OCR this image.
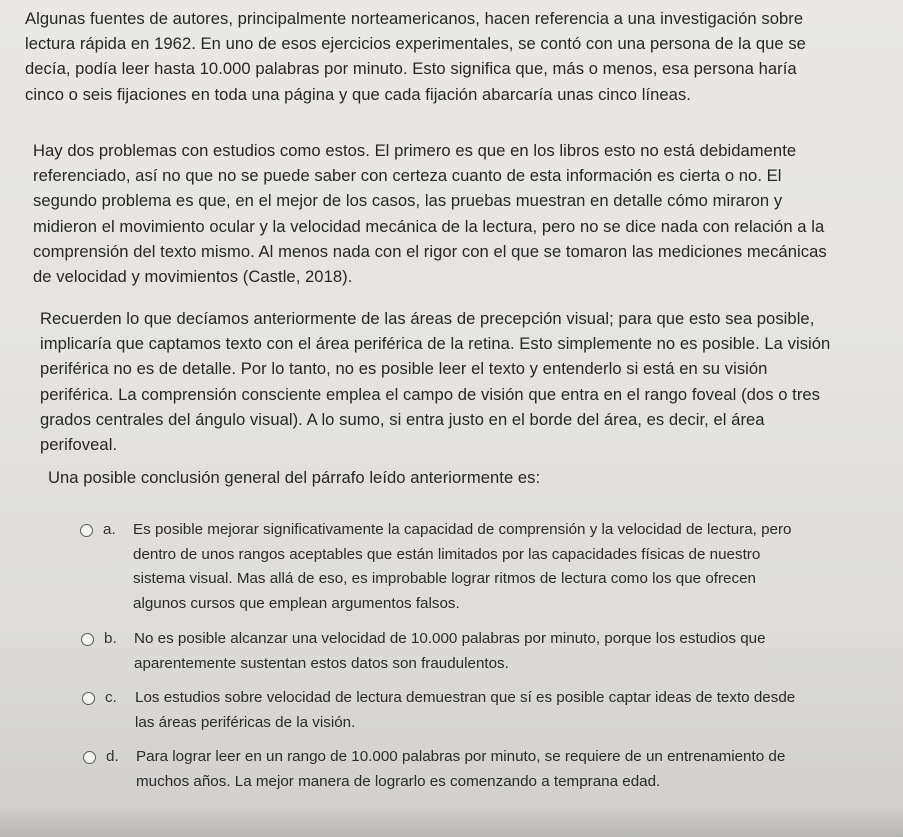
Algunas fuentes de autores, principalmente norteamericanos, hacen referencia a una investigación sobre
lectura rápida en 1962. En uno de esos ejercicios experimentales, se contó con una persona de la que se
decía, podía leer hasta 10.000 palabras por minuto. Esto significa que, más o menos, esa persona haría
cinco o seis fijaciones en toda una página y que cada fijación abarcaría unas cinco líneas.

Hay dos problemas con estudios como estos. El primero es que en los libros esto no está debidamente
referenciado, así no que no se puede saber con certeza cuanto de esta información es cierta o no. El
segundo problema es que, en el mejor de los casos, las pruebas muestran en detalle cómo miraron y
midieron el movimiento ocular y la velocidad mecánica de la lectura, pero no se dice nada con relación a la
comprensión del texto mismo. Al menos nada con el rigor con el que se tomaron las mediciones mecánicas
de velocidad y movimientos (Castle, 2018).

Recuerden lo que decíamos anteriormente de las áreas de precepción visual; para que esto sea posible,
implicaría que captamos texto con el área periférica de la retina. Esto simplemente no es posible. La visión
periférica no es de detalle. Por lo tanto, no es posible leer el texto y entenderlo si está en su visión
periférica. La comprensión consciente emplea el campo de visión que entra en el rango foveal (dos o tres
grados centrales del ángulo visual). A lo sumo, si entra justo en el borde del área, es decir, el área
perifoveal.

Una posible conclusión general del párrafo leído anteriormente es:

a.	Es posible mejorar significativamente la capacidad de comprensión y la velocidad de lectura, pero
dentro de unos rangos aceptables que están limitados por las capacidades físicas de nuestro
sistema visual. Mas allá de eso, es improbable lograr ritmos de lectura como los que ofrecen
algunos cursos que emplean argumentos falsos.
b.	No es posible alcanzar una velocidad de 10.000 palabras por minuto, porque los estudios que
aparentemente sustentan estos datos son fraudulentos.
c.	Los estudios sobre velocidad de lectura demuestran que sí es posible captar ideas de texto desde
las áreas periféricas de la visión.
d.	Para lograr leer en un rango de 10.000 palabras por minuto, se requiere de un entrenamiento de
muchos años. La mejor manera de lograrlo es comenzando a temprana edad.
